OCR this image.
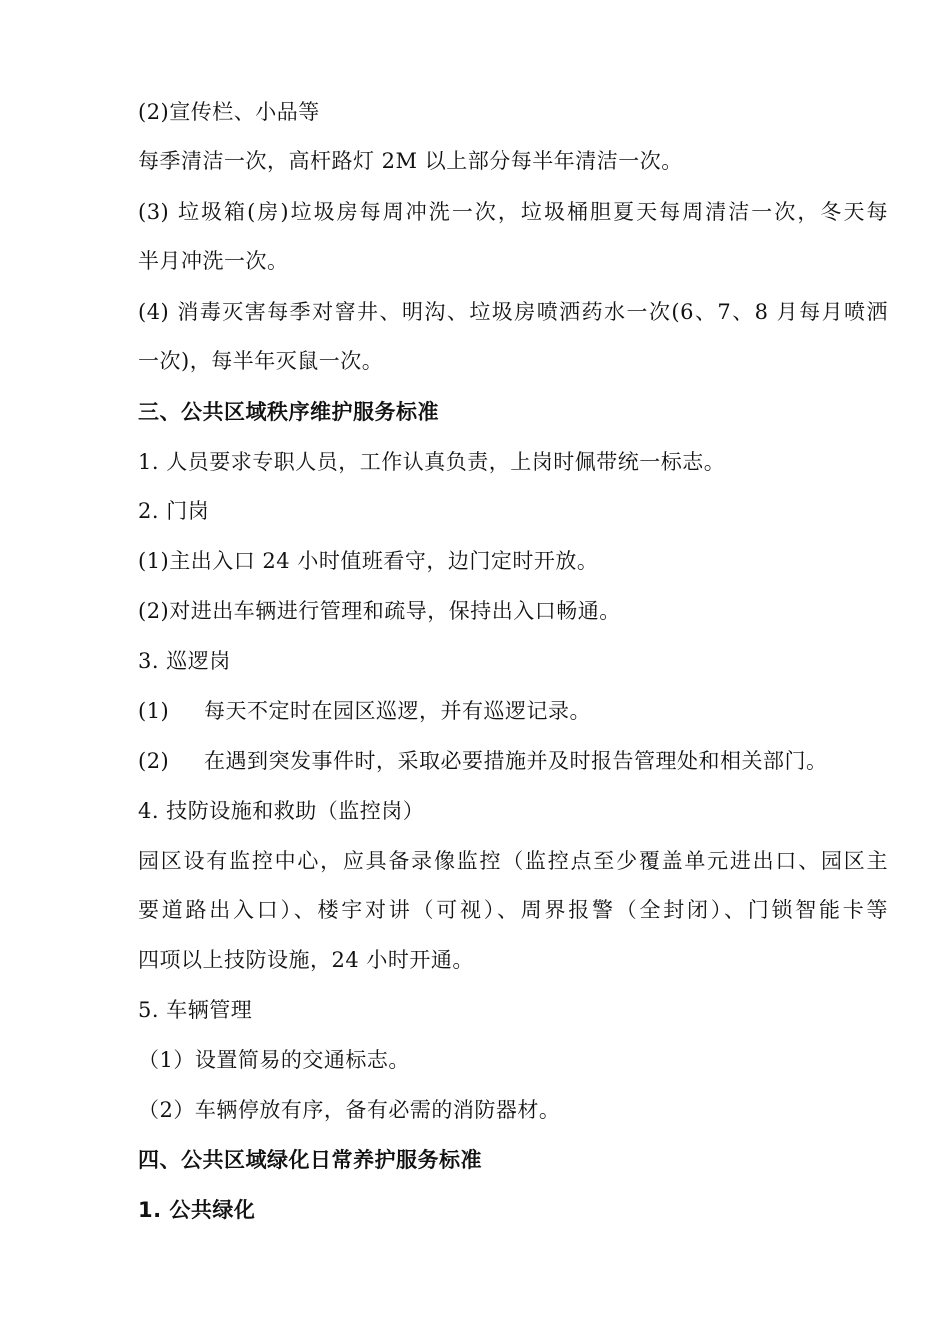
(2)宣传栏、小品等
每季清洁一次，高杆路灯 2M 以上部分每半年清洁一次。
(3) 垃圾箱(房)垃圾房每周冲洗一次，垃圾桶胆夏天每周清洁一次，冬天每
半月冲洗一次。
(4) 消毒灭害每季对窨井、明沟、垃圾房喷洒药水一次(6、7、8 月每月喷洒
一次)，每半年灭鼠一次。
三、公共区域秩序维护服务标准
1. 人员要求专职人员，工作认真负责，上岗时佩带统一标志。
2. 门岗
(1)主出入口 24 小时值班看守，边门定时开放。
(2)对进出车辆进行管理和疏导，保持出入口畅通。
3. 巡逻岗
(1) 每天不定时在园区巡逻，并有巡逻记录。
(2) 在遇到突发事件时，采取必要措施并及时报告管理处和相关部门。
4. 技防设施和救助（监控岗）
园区设有监控中心，应具备录像监控（监控点至少覆盖单元进出口、园区主
要道路出入口）、楼宇对讲（可视）、周界报警（全封闭）、门锁智能卡等
四项以上技防设施，24 小时开通。
5. 车辆管理
（1）设置简易的交通标志。
（2）车辆停放有序，备有必需的消防器材。
四、公共区域绿化日常养护服务标准
1. 公共绿化
